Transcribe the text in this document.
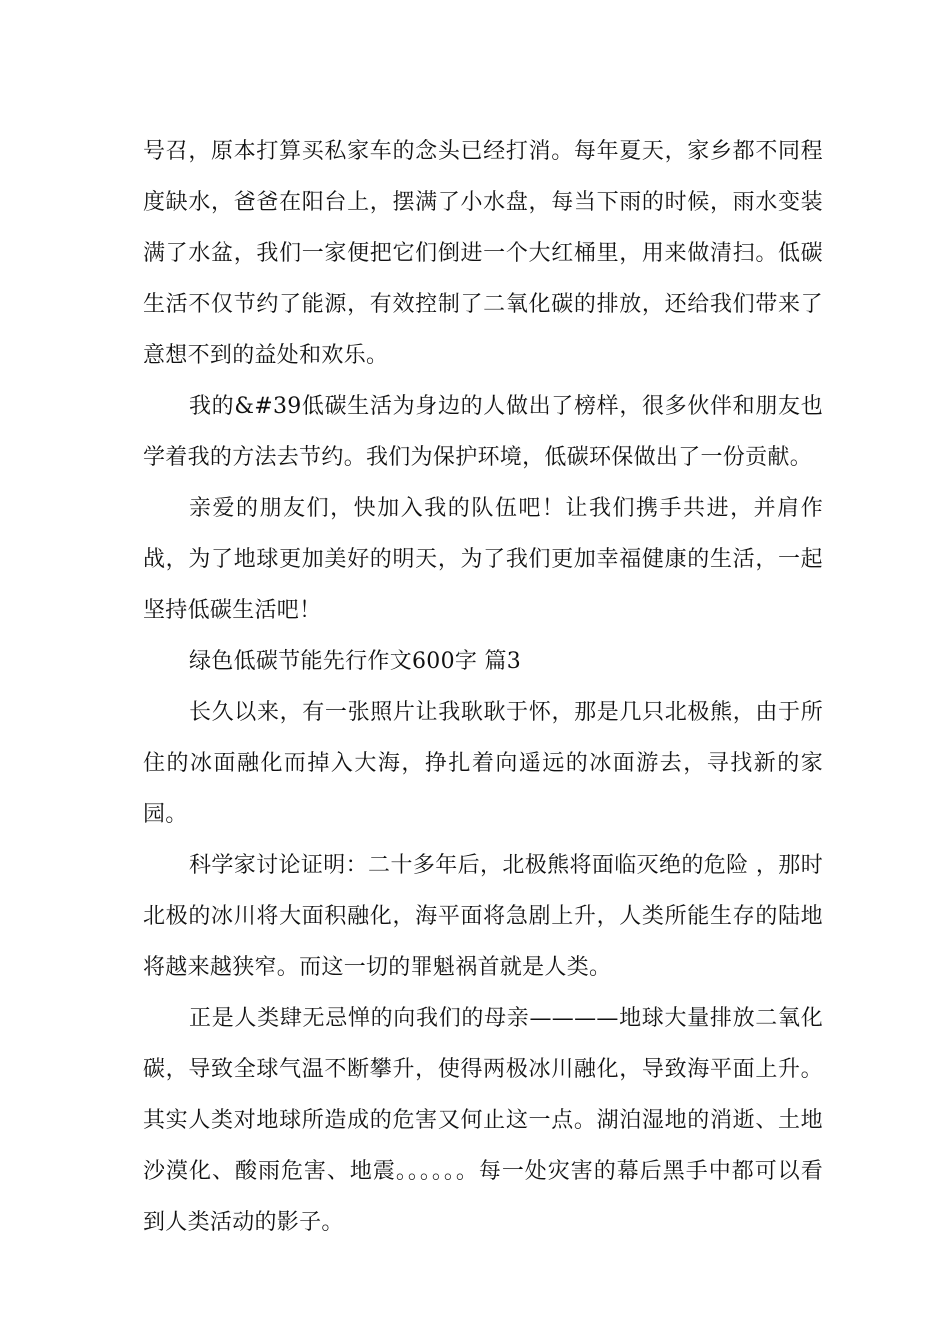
号召，原本打算买私家车的念头已经打消。每年夏天，家乡都不同程度缺水，爸爸在阳台上，摆满了小水盘，每当下雨的时候，雨水变装满了水盆，我们一家便把它们倒进一个大红桶里，用来做清扫。低碳生活不仅节约了能源，有效控制了二氧化碳的排放，还给我们带来了意想不到的益处和欢乐。

我的&#39低碳生活为身边的人做出了榜样，很多伙伴和朋友也学着我的方法去节约。我们为保护环境，低碳环保做出了一份贡献。

亲爱的朋友们，快加入我的队伍吧！让我们携手共进，并肩作战，为了地球更加美好的明天，为了我们更加幸福健康的生活，一起坚持低碳生活吧！

绿色低碳节能先行作文600字 篇3

长久以来，有一张照片让我耿耿于怀，那是几只北极熊，由于所住的冰面融化而掉入大海，挣扎着向遥远的冰面游去，寻找新的家园。

科学家讨论证明：二十多年后，北极熊将面临灭绝的危险 ，那时北极的冰川将大面积融化，海平面将急剧上升，人类所能生存的陆地将越来越狭窄。而这一切的罪魁祸首就是人类。

正是人类肆无忌惮的向我们的母亲————地球大量排放二氧化碳，导致全球气温不断攀升，使得两极冰川融化，导致海平面上升。其实人类对地球所造成的危害又何止这一点。湖泊湿地的消逝、土地沙漠化、酸雨危害、地震。。。。。。每一处灾害的幕后黑手中都可以看到人类活动的影子。
